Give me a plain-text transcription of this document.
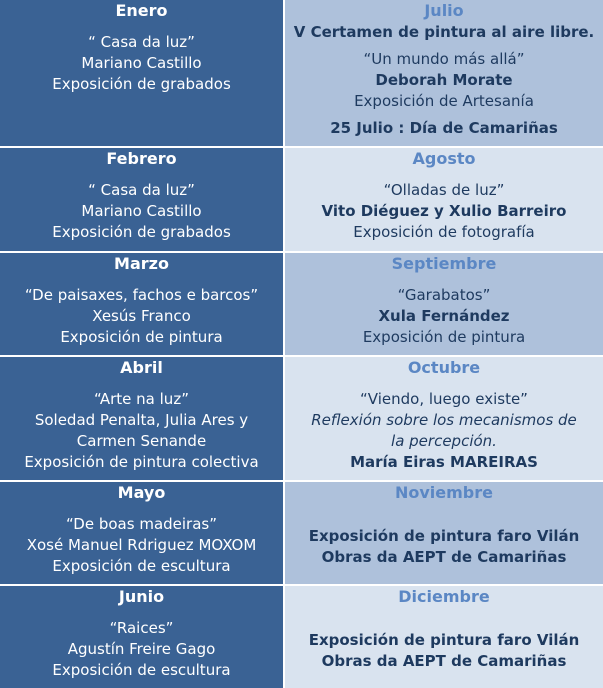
Enero
“ Casa da luz”
Mariano Castillo
Exposición de grabados
Julio
V Certamen de pintura al aire libre.
“Un mundo más allá”
Deborah Morate
Exposición de Artesanía
25 Julio : Día de Camariñas
Febrero
“ Casa da luz”
Mariano Castillo
Exposición de grabados
Agosto
“Olladas de luz”
Vito Diéguez y Xulio Barreiro
Exposición de fotografía
Marzo
“De paisaxes, fachos e barcos”
Xesús Franco
Exposición de pintura
Septiembre
“Garabatos”
Xula Fernández
Exposición de pintura
Abril
“Arte na luz”
Soledad Penalta, Julia Ares y
Carmen Senande
Exposición de pintura colectiva
Octubre
“Viendo, luego existe”
Reflexión sobre los mecanismos de
la percepción.
María Eiras MAREIRAS
Mayo
“De boas madeiras”
Xosé Manuel Rdriguez MOXOM
Exposición de escultura
Noviembre
Exposición de pintura faro Vilán
Obras da AEPT de Camariñas
Junio
“Raices”
Agustín Freire Gago
Exposición de escultura
Diciembre
Exposición de pintura faro Vilán
Obras da AEPT de Camariñas
